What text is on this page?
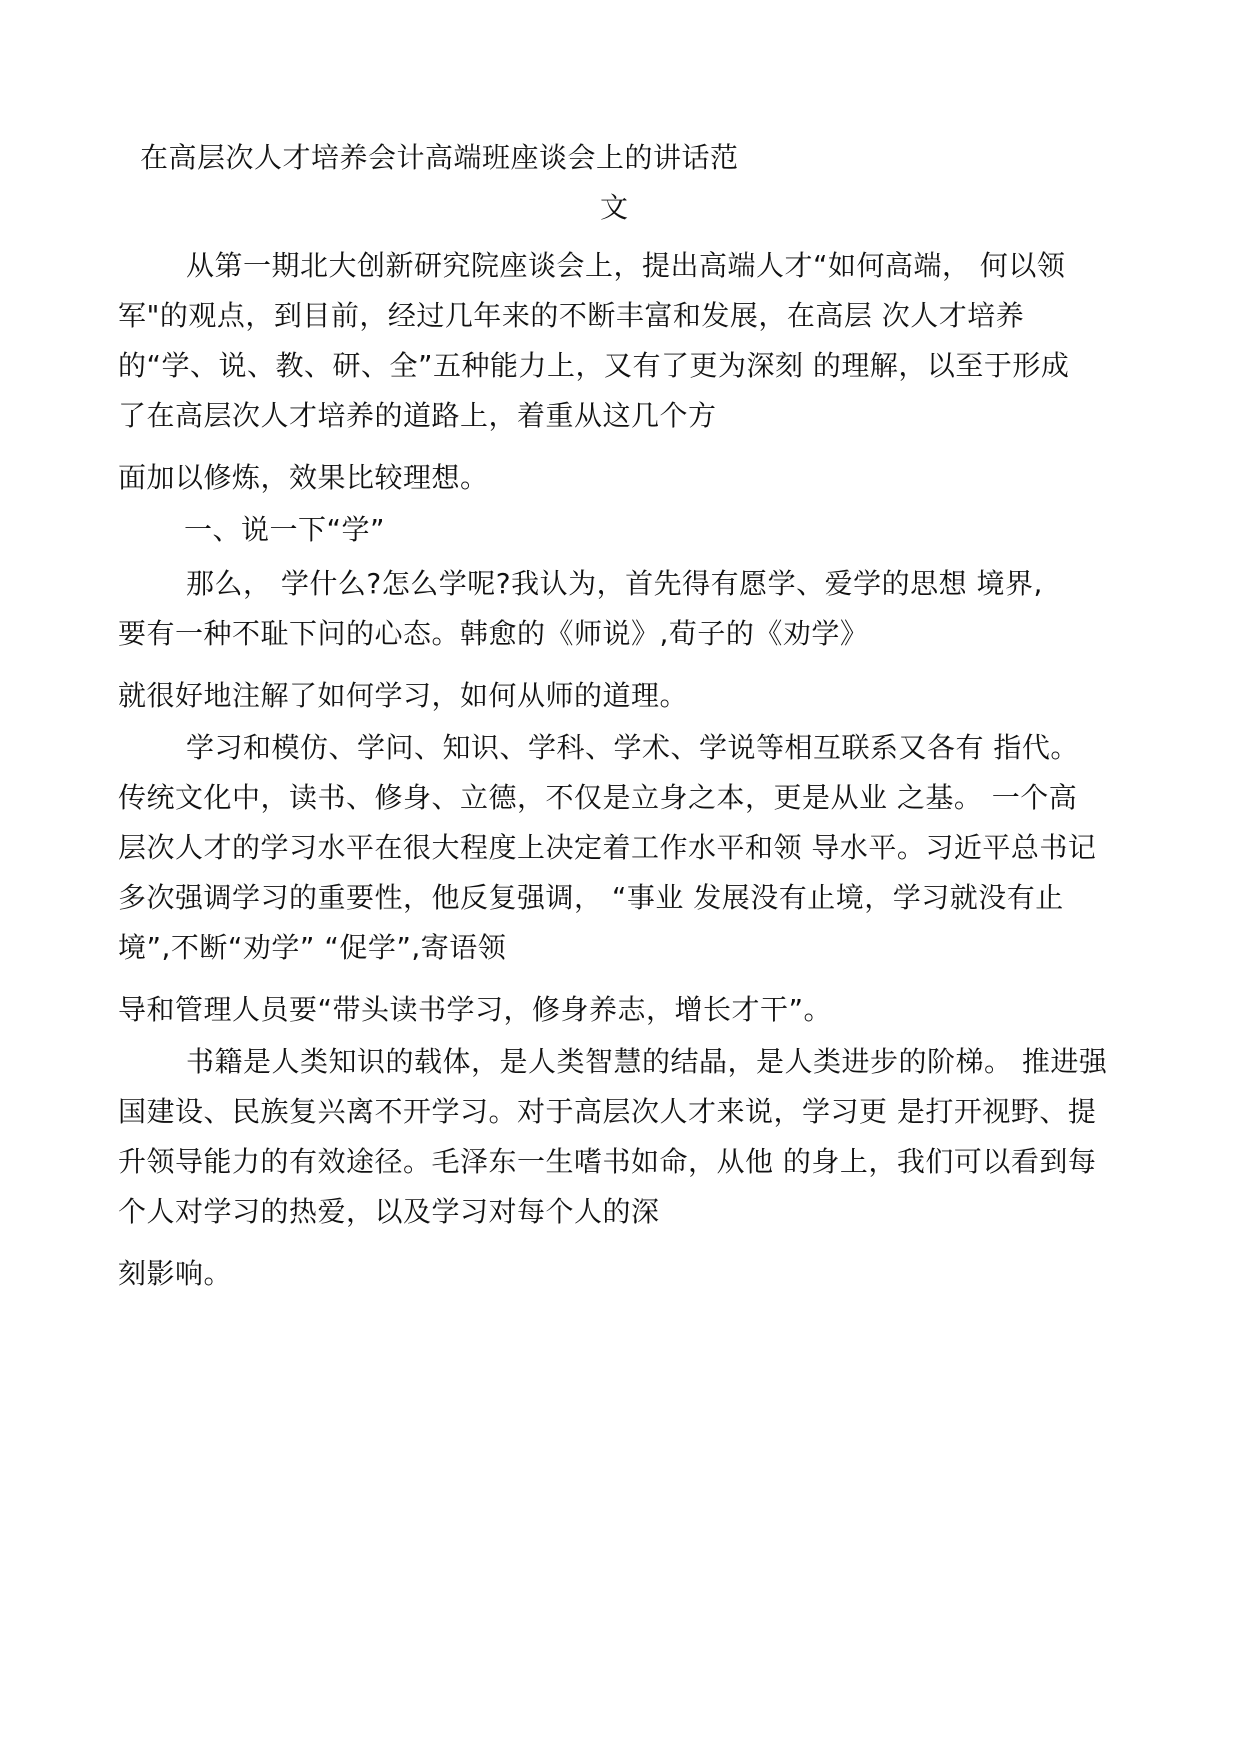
在高层次人才培养会计高端班座谈会上的讲话范
文
从第一期北大创新研究院座谈会上，提出高端人才“如何高端， 何以领
军"的观点，到目前，经过几年来的不断丰富和发展，在高层 次人才培养
的“学、说、教、研、全”五种能力上，又有了更为深刻 的理解，以至于形成
了在高层次人才培养的道路上，着重从这几个方
面加以修炼，效果比较理想。
一、说一下“学”
那么， 学什么?怎么学呢?我认为，首先得有愿学、爱学的思想 境界,
要有一种不耻下问的心态。韩愈的《师说》,荀子的《劝学》
就很好地注解了如何学习，如何从师的道理。
学习和模仿、学问、知识、学科、学术、学说等相互联系又各有 指代。
传统文化中，读书、修身、立德，不仅是立身之本，更是从业 之基。 一个高
层次人才的学习水平在很大程度上决定着工作水平和领 导水平。习近平总书记
多次强调学习的重要性，他反复强调， “事业 发展没有止境，学习就没有止
境”,不断“劝学” “促学”,寄语领
导和管理人员要“带头读书学习，修身养志，增长才干”。
书籍是人类知识的载体，是人类智慧的结晶，是人类进步的阶梯。 推进强
国建设、民族复兴离不开学习。对于高层次人才来说，学习更 是打开视野、提
升领导能力的有效途径。毛泽东一生嗜书如命，从他 的身上，我们可以看到每
个人对学习的热爱，以及学习对每个人的深
刻影响。
